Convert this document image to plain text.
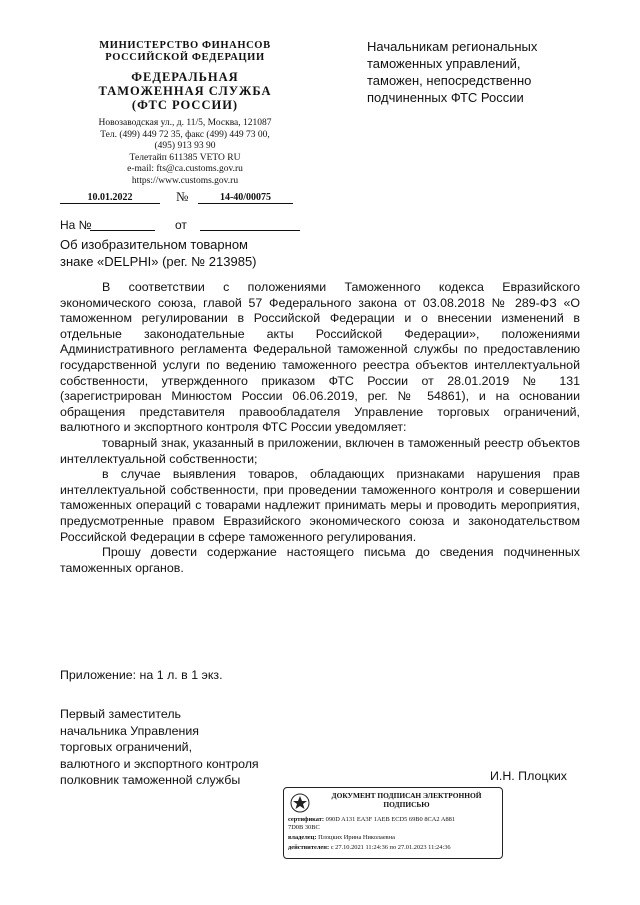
МИНИСТЕРСТВО ФИНАНСОВ
РОССИЙСКОЙ ФЕДЕРАЦИИ
ФЕДЕРАЛЬНАЯ
ТАМОЖЕННАЯ СЛУЖБА
(ФТС РОССИИ)
Новозаводская ул., д. 11/5, Москва, 121087
Тел. (499) 449 72 35, факс (499) 449 73 00,
(495) 913 93 90
Телетайп 611385 VETO RU
e-mail: fts@ca.customs.gov.ru
https://www.customs.gov.ru
Начальникам региональных
таможенных управлений,
таможен, непосредственно
подчиненных ФТС России
10.01.2022	№	14-40/00075
На №	от
Об изобразительном товарном
знаке «DELPHI» (рег. № 213985)

В соответствии с положениями Таможенного кодекса Евразийского экономического союза, главой 57 Федерального закона от 03.08.2018 № 289-ФЗ «О таможенном регулировании в Российской Федерации и о внесении изменений в отдельные законодательные акты Российской Федерации», положениями Административного регламента Федеральной таможенной службы по предоставлению государственной услуги по ведению таможенного реестра объектов интеллектуальной собственности, утвержденного приказом ФТС России от 28.01.2019 № 131 (зарегистрирован Минюстом России 06.06.2019, рег. № 54861), и на основании обращения представителя правообладателя Управление торговых ограничений, валютного и экспортного контроля ФТС России уведомляет:

товарный знак, указанный в приложении, включен в таможенный реестр объектов интеллектуальной собственности;

в случае выявления товаров, обладающих признаками нарушения прав интеллектуальной собственности, при проведении таможенного контроля и совершении таможенных операций с товарами надлежит принимать меры и проводить мероприятия, предусмотренные правом Евразийского экономического союза и законодательством Российской Федерации в сфере таможенного регулирования.

Прошу довести содержание настоящего письма до сведения подчиненных таможенных органов.

Приложение: на 1 л. в 1 экз.
Первый заместитель
начальника Управления
торговых ограничений,
валютного и экспортного контроля
полковник таможенной службы	И.Н. Плоцких
ДОКУМЕНТ ПОДПИСАН ЭЛЕКТРОННОЙ
ПОДПИСЬЮ
сертификат: 090D A131 EA3F 1AEB ECD5 69B0 8CA2 A881
7D0B 30BC
владелец: Плоцких Ирина Николаевна
действителен: с 27.10.2021 11:24:36 по 27.01.2023 11:24:36
